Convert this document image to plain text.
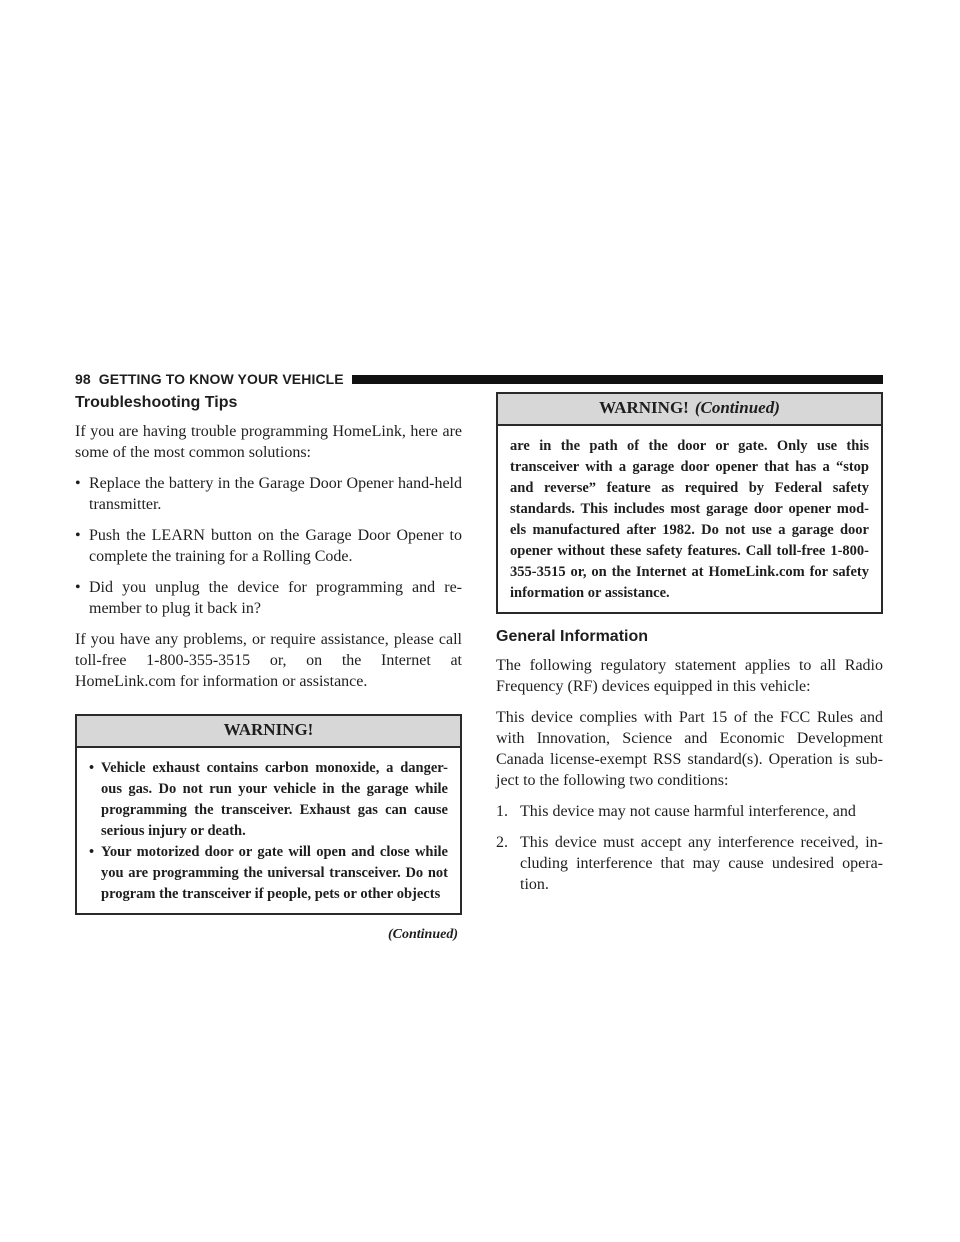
98 GETTING TO KNOW YOUR VEHICLE
Troubleshooting Tips

If you are having trouble programming HomeLink, here are some of the most common solutions:

• Replace the battery in the Garage Door Opener hand-held transmitter.
• Push the LEARN button on the Garage Door Opener to complete the training for a Rolling Code.
• Did you unplug the device for programming and re-member to plug it back in?

If you have any problems, or require assistance, please call toll-free 1-800-355-3515 or, on the Internet at HomeLink.com for information or assistance.

WARNING!
• Vehicle exhaust contains carbon monoxide, a danger-ous gas. Do not run your vehicle in the garage while programming the transceiver. Exhaust gas can cause serious injury or death.
• Your motorized door or gate will open and close while you are programming the universal transceiver. Do not program the transceiver if people, pets or other objects
(Continued)
WARNING! (Continued)

are in the path of the door or gate. Only use this transceiver with a garage door opener that has a “stop and reverse” feature as required by Federal safety standards. This includes most garage door opener mod-els manufactured after 1982. Do not use a garage door opener without these safety features. Call toll-free 1-800-355-3515 or, on the Internet at HomeLink.com for safety information or assistance.

General Information

The following regulatory statement applies to all Radio Frequency (RF) devices equipped in this vehicle:

This device complies with Part 15 of the FCC Rules and with Innovation, Science and Economic Development Canada license-exempt RSS standard(s). Operation is sub-ject to the following two conditions:

1. This device may not cause harmful interference, and
2. This device must accept any interference received, in-cluding interference that may cause undesired opera-tion.
